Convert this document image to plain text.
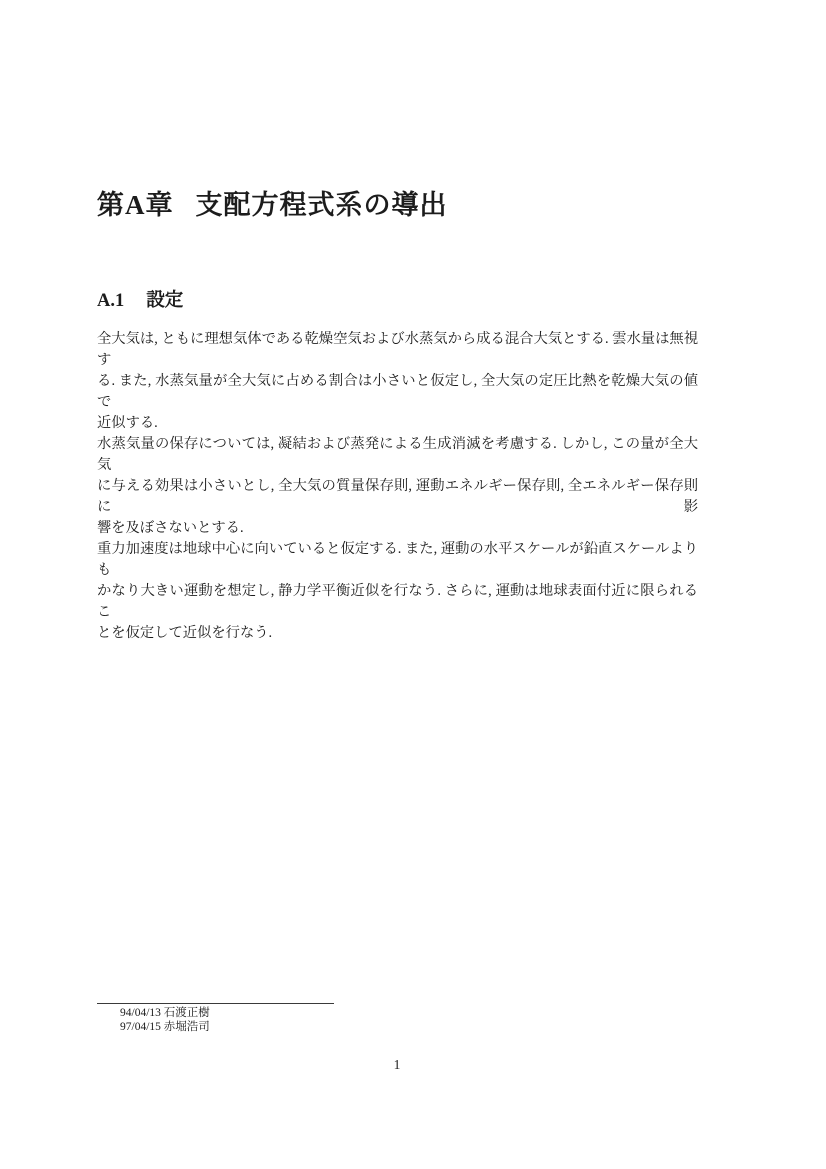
第A章 支配方程式系の導出
A.1 設定

全大気は, ともに理想気体である乾燥空気および水蒸気から成る混合大気とする. 雲水量は無視す
る. また, 水蒸気量が全大気に占める割合は小さいと仮定し, 全大気の定圧比熱を乾燥大気の値で
近似する.

水蒸気量の保存については, 凝結および蒸発による生成消滅を考慮する. しかし, この量が全大気
に与える効果は小さいとし, 全大気の質量保存則, 運動エネルギー保存則, 全エネルギー保存則に影
響を及ぼさないとする.

重力加速度は地球中心に向いていると仮定する. また, 運動の水平スケールが鉛直スケールよりも
かなり大きい運動を想定し, 静力学平衡近似を行なう. さらに, 運動は地球表面付近に限られるこ
とを仮定して近似を行なう.

94/04/13 石渡正樹
97/04/15 赤堀浩司
1
